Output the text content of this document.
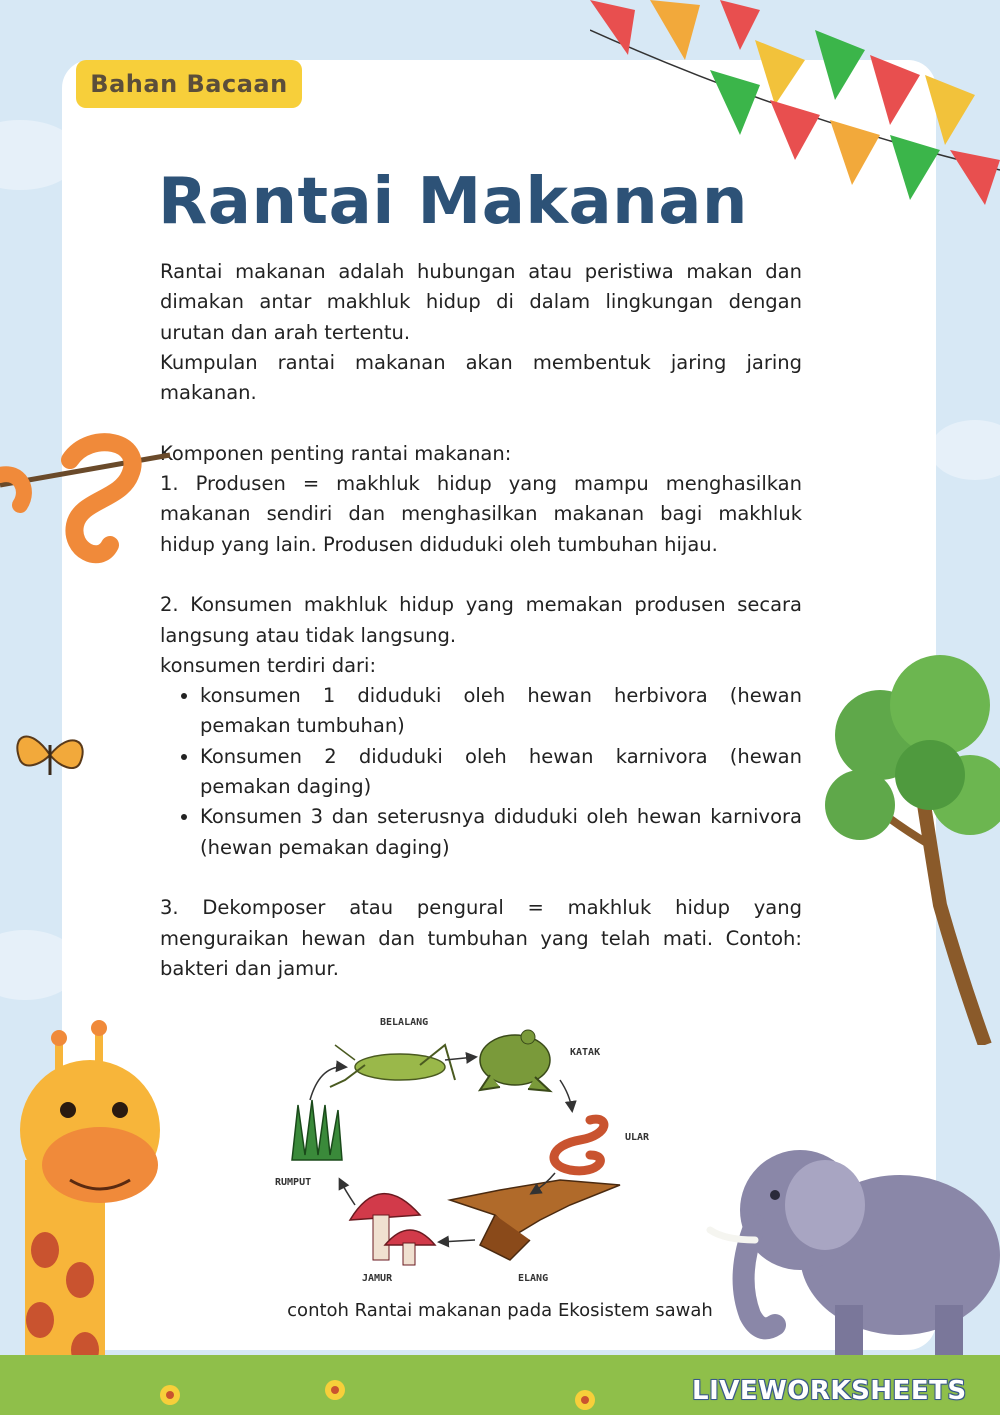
Bahan Bacaan
Rantai Makanan

Rantai makanan adalah hubungan atau peristiwa makan dan dimakan antar makhluk hidup di dalam lingkungan dengan urutan dan arah tertentu.

Kumpulan rantai makanan akan membentuk jaring jaring makanan.

Komponen penting rantai makanan:

1. Produsen = makhluk hidup yang mampu menghasilkan makanan sendiri dan menghasilkan makanan bagi makhluk hidup yang lain. Produsen diduduki oleh tumbuhan hijau.

2. Konsumen makhluk hidup yang memakan produsen secara langsung atau tidak langsung.

konsumen terdiri dari:

• konsumen 1 diduduki oleh hewan herbivora (hewan pemakan tumbuhan)
• Konsumen 2 diduduki oleh hewan karnivora (hewan pemakan daging)
• Konsumen 3 dan seterusnya diduduki oleh hewan karnivora (hewan pemakan daging)

3. Dekomposer atau pengural = makhluk hidup yang menguraikan hewan dan tumbuhan yang telah mati. Contoh: bakteri dan jamur.

BELALANG
KATAK
ULAR
ELANG
JAMUR
RUMPUT
contoh Rantai makanan pada Ekosistem sawah
LIVEWORKSHEETS
